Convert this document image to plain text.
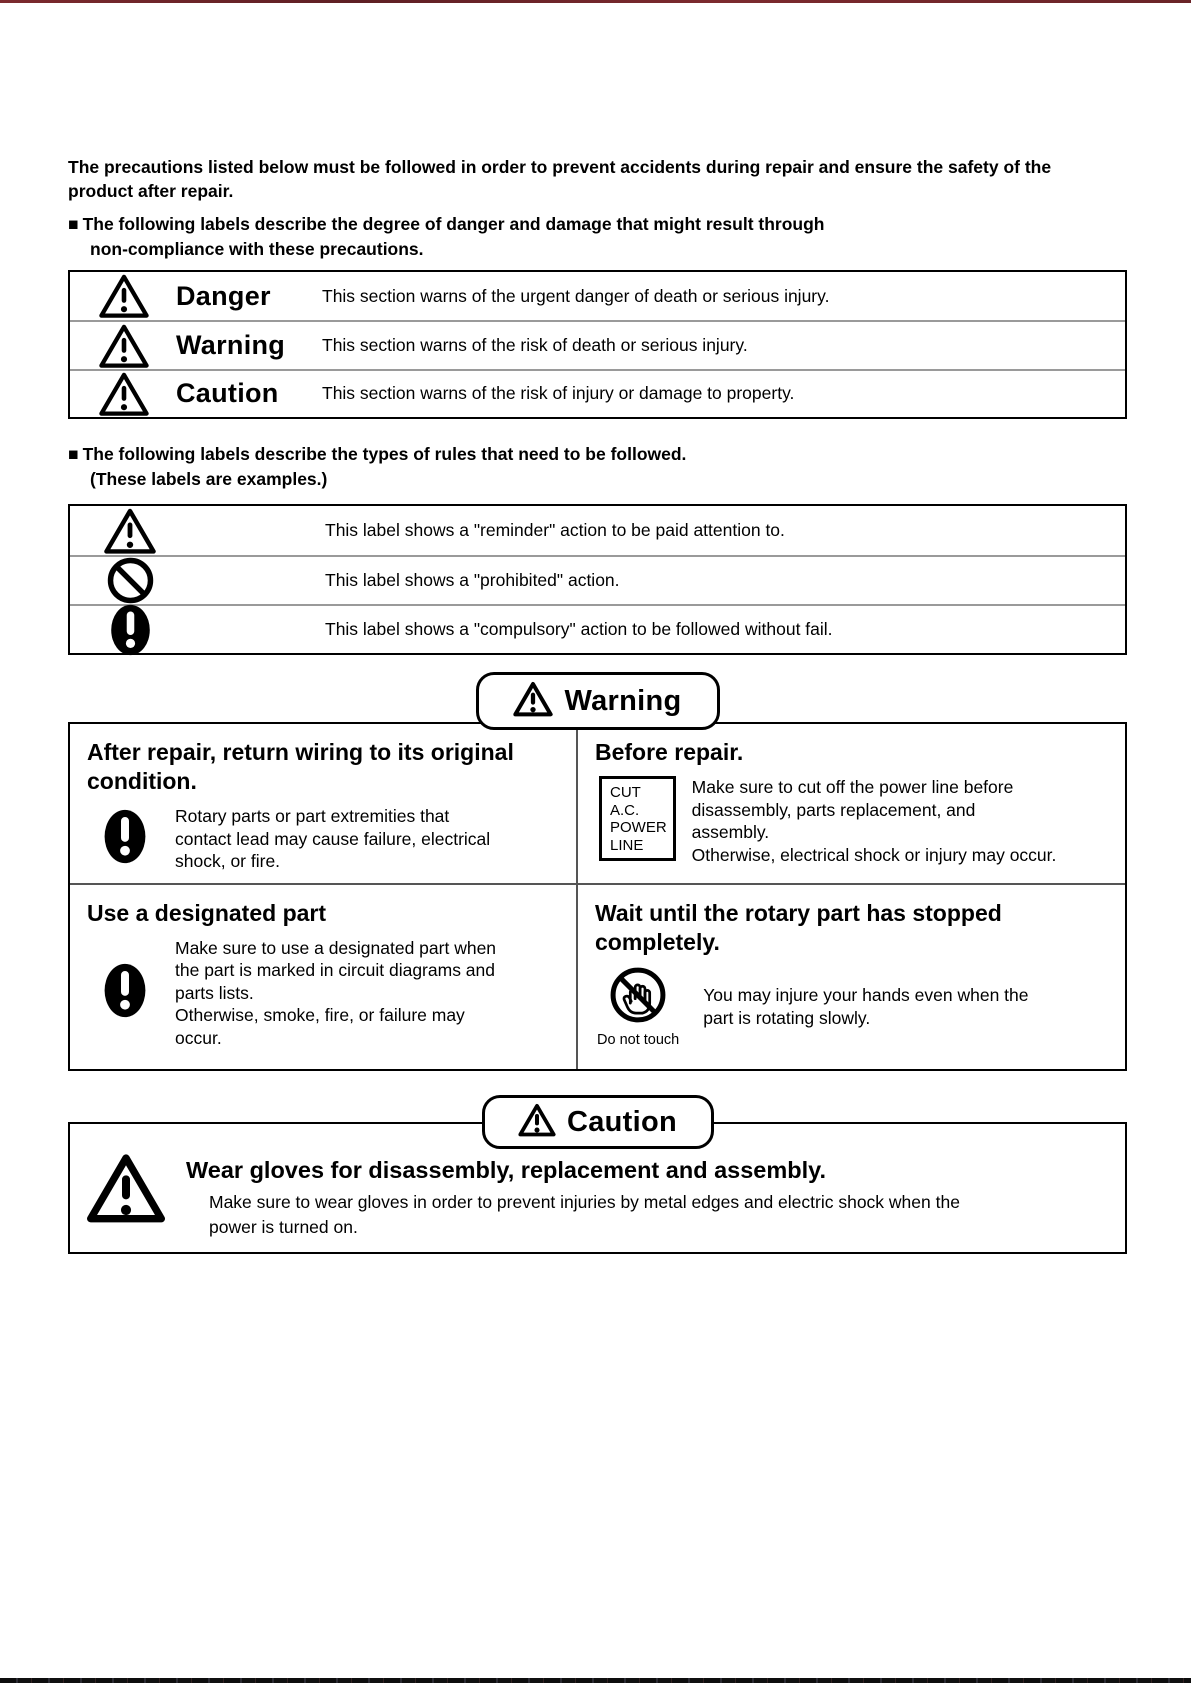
The precautions listed below must be followed in order to prevent accidents during repair and ensure the safety of the product after repair.

■ The following labels describe the degree of danger and damage that might result through
non-compliance with these precautions.
Danger	This section warns of the urgent danger of death or serious injury.
Warning	This section warns of the risk of death or serious injury.
Caution	This section warns of the risk of injury or damage to property.
■ The following labels describe the types of rules that need to be followed.
(These labels are examples.)
This label shows a "reminder" action to be paid attention to.
This label shows a "prohibited" action.
This label shows a "compulsory" action to be followed without fail.
Warning
After repair, return wiring to its original condition.

Rotary parts or part extremities that contact lead may cause failure, electrical shock, or fire.

Before repair.
CUT
A.C.
POWER
LINE
Make sure to cut off the power line before disassembly, parts replacement, and assembly.
Otherwise, electrical shock or injury may occur.
Use a designated part
Make sure to use a designated part when the part is marked in circuit diagrams and parts lists.
Otherwise, smoke, fire, or failure may occur.
Wait until the rotary part has stopped completely.
Do not touch

You may injure your hands even when the part is rotating slowly.

Caution
Wear gloves for disassembly, replacement and assembly.

Make sure to wear gloves in order to prevent injuries by metal edges and electric shock when the power is turned on.
